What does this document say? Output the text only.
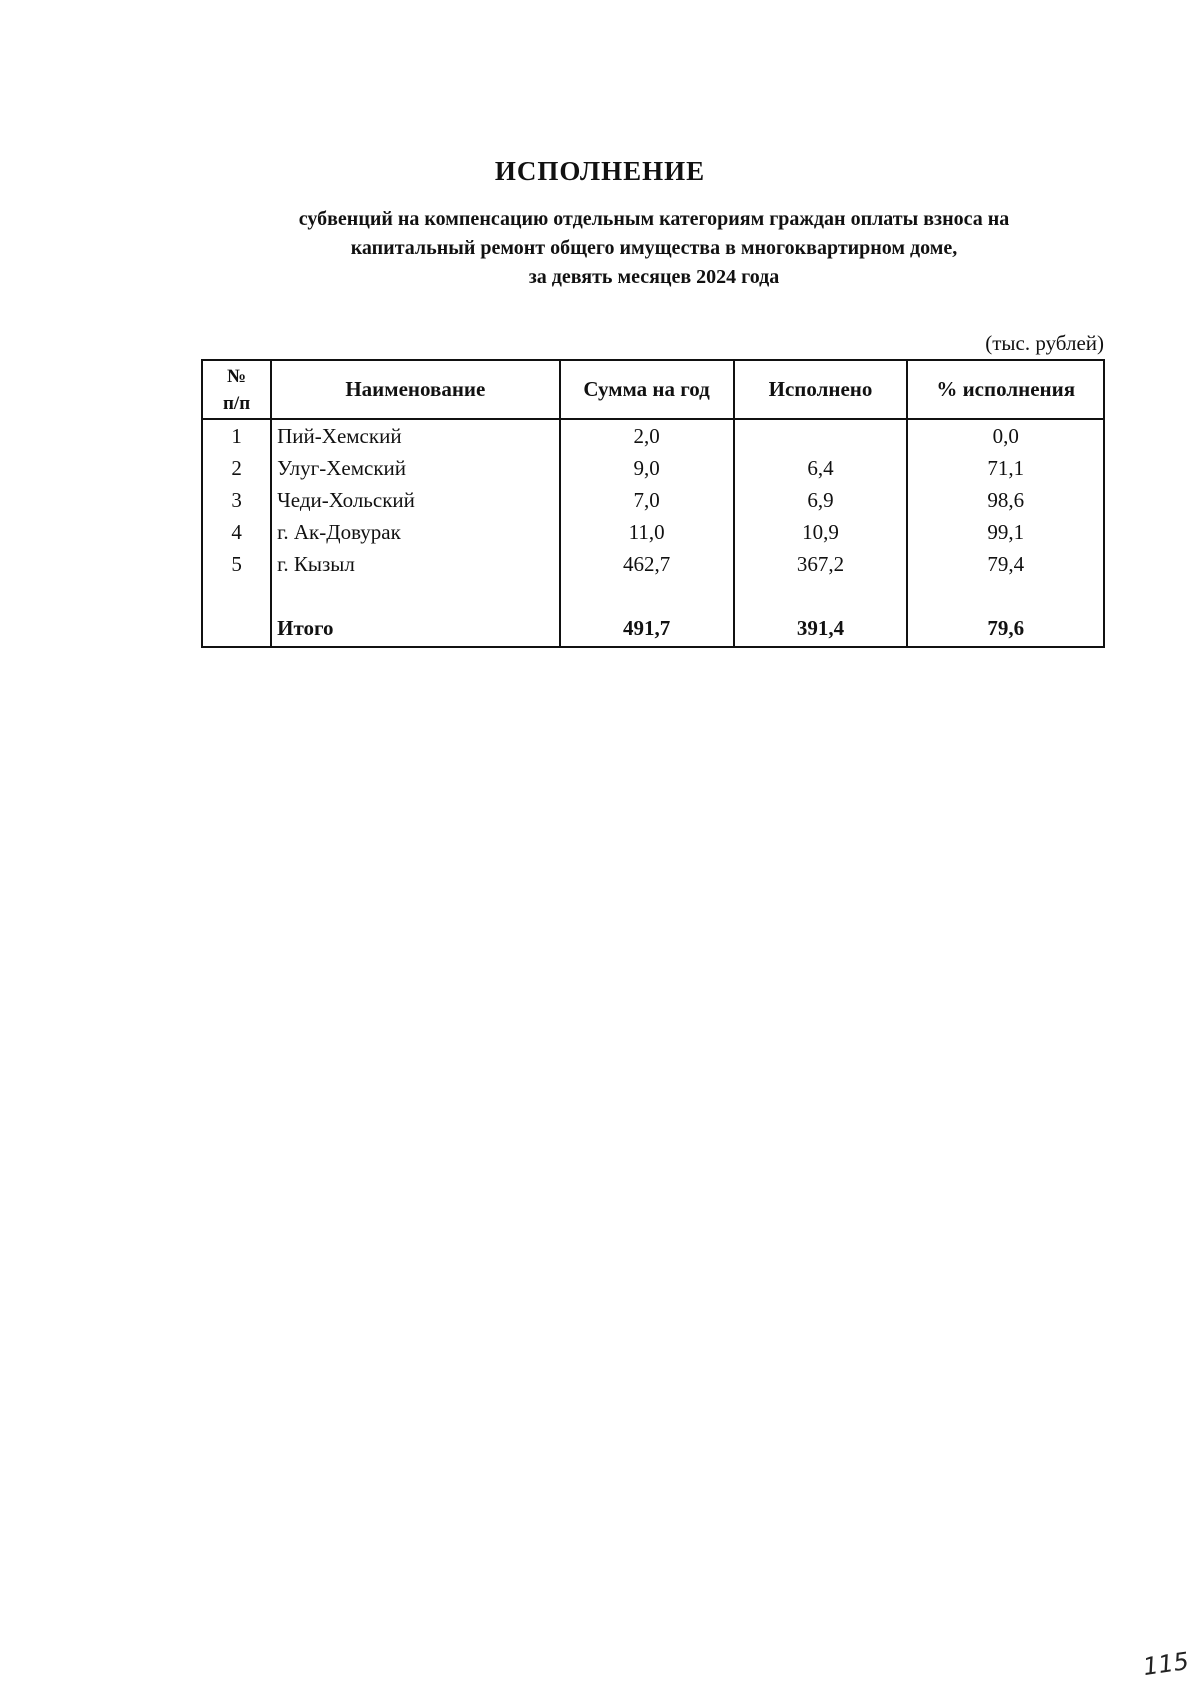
ИСПОЛНЕНИЕ
субвенций на компенсацию отдельным категориям граждан оплаты взноса на
капитальный ремонт общего имущества в многоквартирном доме,
за девять месяцев 2024 года
(тыс. рублей)
№
п/п	Наименование	Сумма на год	Исполнено	% исполнения
1	Пий-Хемский	2,0		0,0
2	Улуг-Хемский	9,0	6,4	71,1
3	Чеди-Хольский	7,0	6,9	98,6
4	г. Ак-Довурак	11,0	10,9	99,1
5	г. Кызыл	462,7	367,2	79,4

	Итого	491,7	391,4	79,6
115
